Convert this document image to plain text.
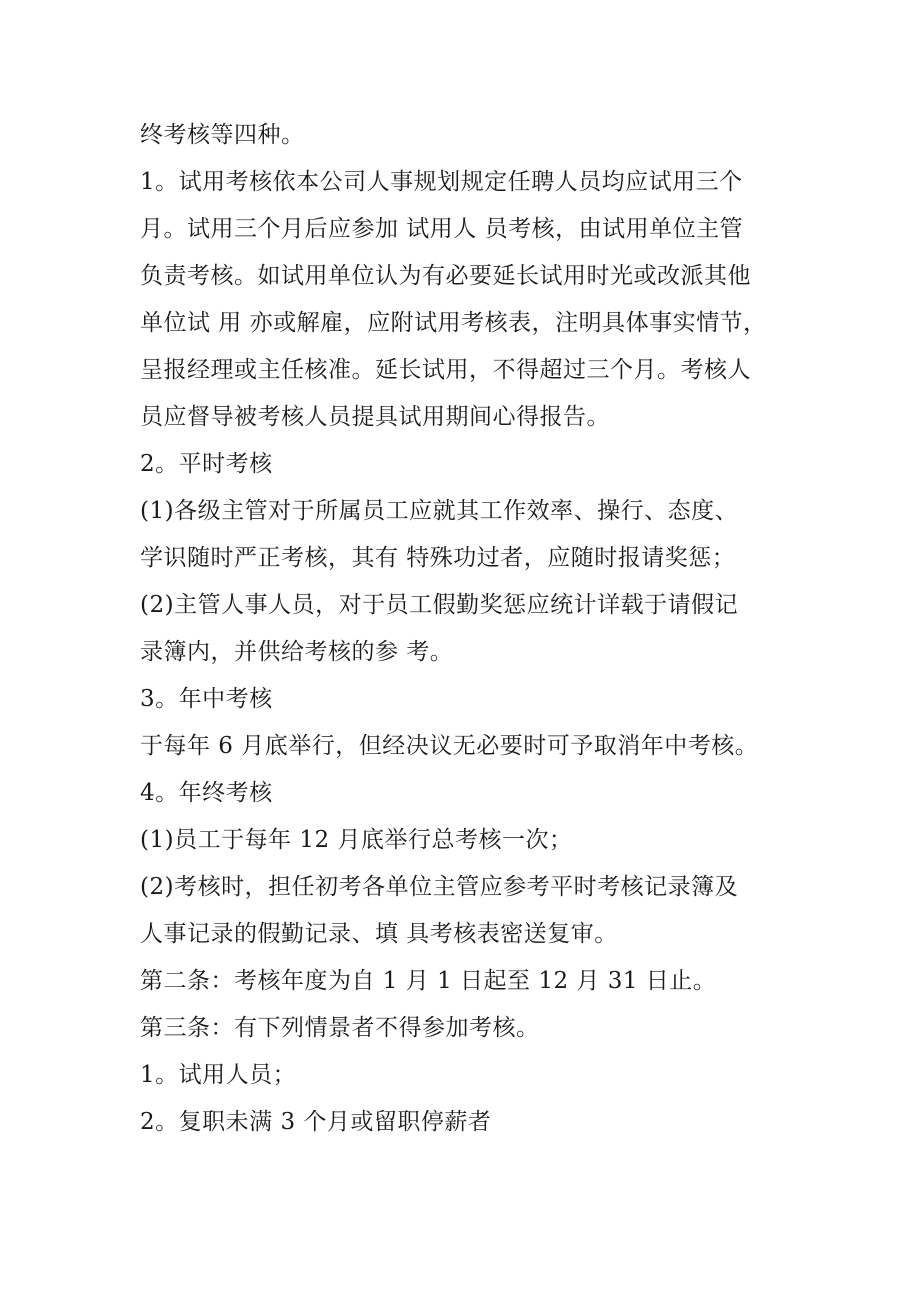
终考核等四种。
1。试用考核依本公司人事规划规定任聘人员均应试用三个
月。试用三个月后应参加 试用人 员考核，由试用单位主管
负责考核。如试用单位认为有必要延长试用时光或改派其他
单位试 用 亦或解雇，应附试用考核表，注明具体事实情节，
呈报经理或主任核准。延长试用，不得超过三个月。考核人
员应督导被考核人员提具试用期间心得报告。
2。平时考核
(1)各级主管对于所属员工应就其工作效率、操行、态度、
学识随时严正考核，其有 特殊功过者，应随时报请奖惩；
(2)主管人事人员，对于员工假勤奖惩应统计详载于请假记
录簿内，并供给考核的参 考。
3。年中考核
于每年 6 月底举行，但经决议无必要时可予取消年中考核。
4。年终考核
(1)员工于每年 12 月底举行总考核一次；
(2)考核时，担任初考各单位主管应参考平时考核记录簿及
人事记录的假勤记录、填 具考核表密送复审。
第二条：考核年度为自 1 月 1 日起至 12 月 31 日止。
第三条：有下列情景者不得参加考核。
1。试用人员；
2。复职未满 3 个月或留职停薪者
